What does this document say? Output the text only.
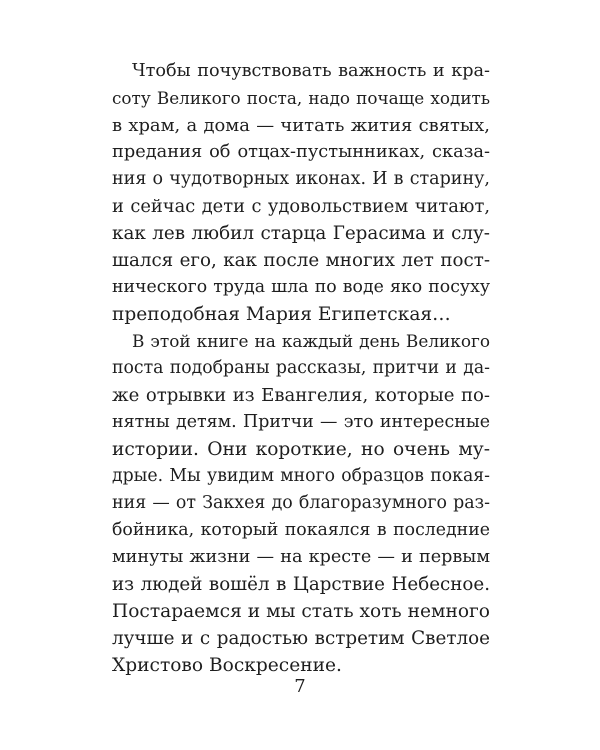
Чтобы почувствовать важность и кра-
соту Великого поста, надо почаще ходить
в храм, а дома — читать жития святых,
предания об отцах-пустынниках, сказа-
ния о чудотворных иконах. И в старину,
и сейчас дети с удовольствием читают,
как лев любил старца Герасима и слу-
шался его, как после многих лет пост-
нического труда шла по воде яко посуху
преподобная Мария Египетская…
В этой книге на каждый день Великого
поста подобраны рассказы, притчи и да-
же отрывки из Евангелия, которые по-
нятны детям. Притчи — это интересные
истории. Они короткие, но очень му-
дрые. Мы увидим много образцов покая-
ния — от Закхея до благоразумного раз-
бойника, который покаялся в последние
минуты жизни — на кресте — и первым
из людей вошёл в Царствие Небесное.
Постараемся и мы стать хоть немного
лучше и с радостью встретим Светлое
Христово Воскресение.
7
